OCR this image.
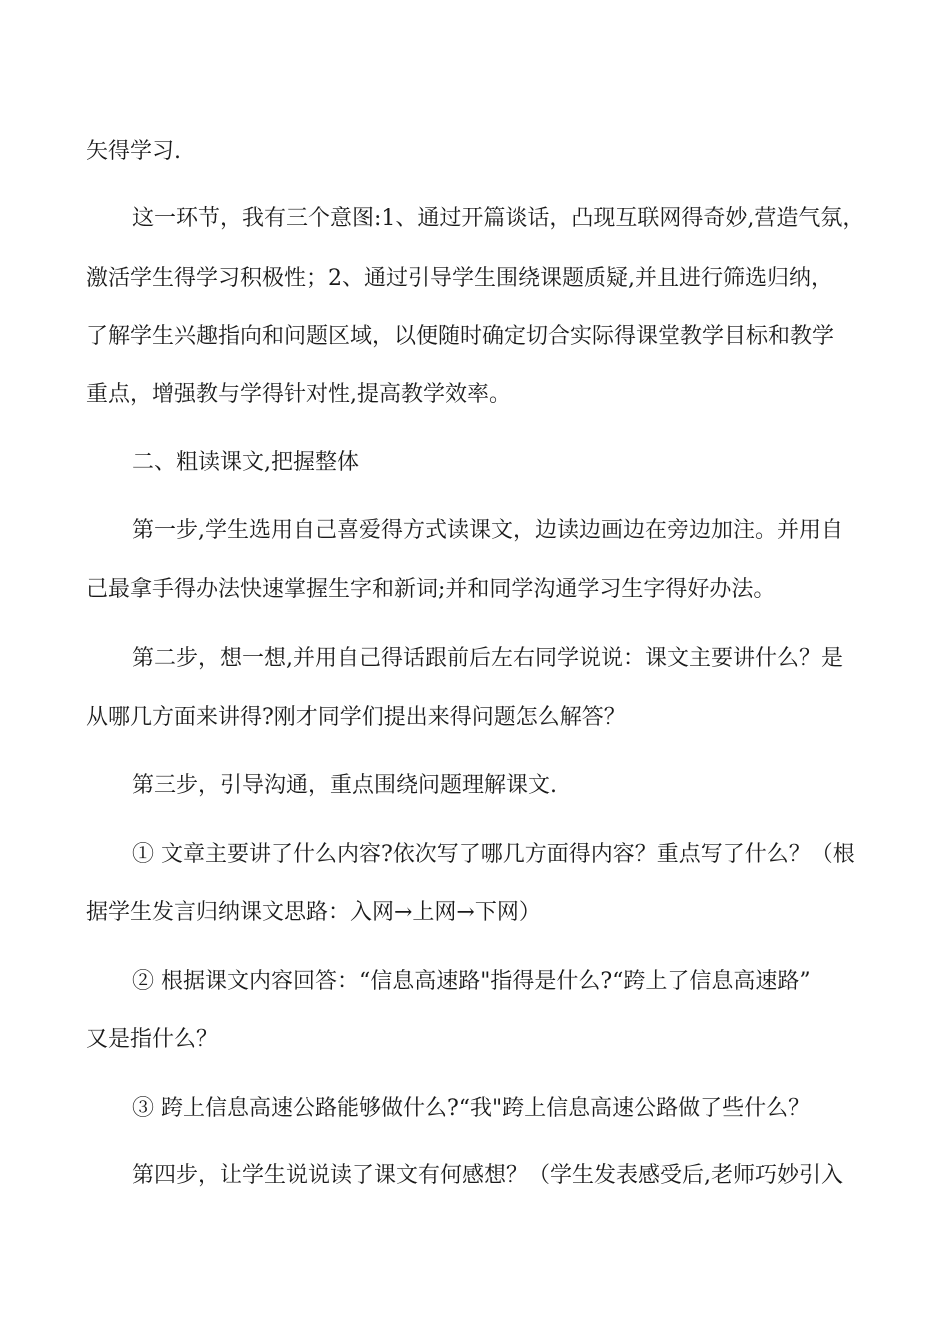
矢得学习.
这一环节，我有三个意图:1、通过开篇谈话，凸现互联网得奇妙,营造气氛，
激活学生得学习积极性；2、通过引导学生围绕课题质疑,并且进行筛选归纳，
了解学生兴趣指向和问题区域，以便随时确定切合实际得课堂教学目标和教学
重点，增强教与学得针对性,提高教学效率。
二、粗读课文,把握整体
第一步,学生选用自己喜爱得方式读课文，边读边画边在旁边加注。并用自
己最拿手得办法快速掌握生字和新词;并和同学沟通学习生字得好办法。
第二步，想一想,并用自己得话跟前后左右同学说说：课文主要讲什么？是
从哪几方面来讲得?刚才同学们提出来得问题怎么解答？
第三步，引导沟通，重点围绕问题理解课文.
① 文章主要讲了什么内容?依次写了哪几方面得内容？重点写了什么？（根
据学生发言归纳课文思路：入网→上网→下网）
② 根据课文内容回答：“信息高速路"指得是什么?“跨上了信息高速路”
又是指什么？
③ 跨上信息高速公路能够做什么?“我"跨上信息高速公路做了些什么？
第四步，让学生说说读了课文有何感想？（学生发表感受后,老师巧妙引入
